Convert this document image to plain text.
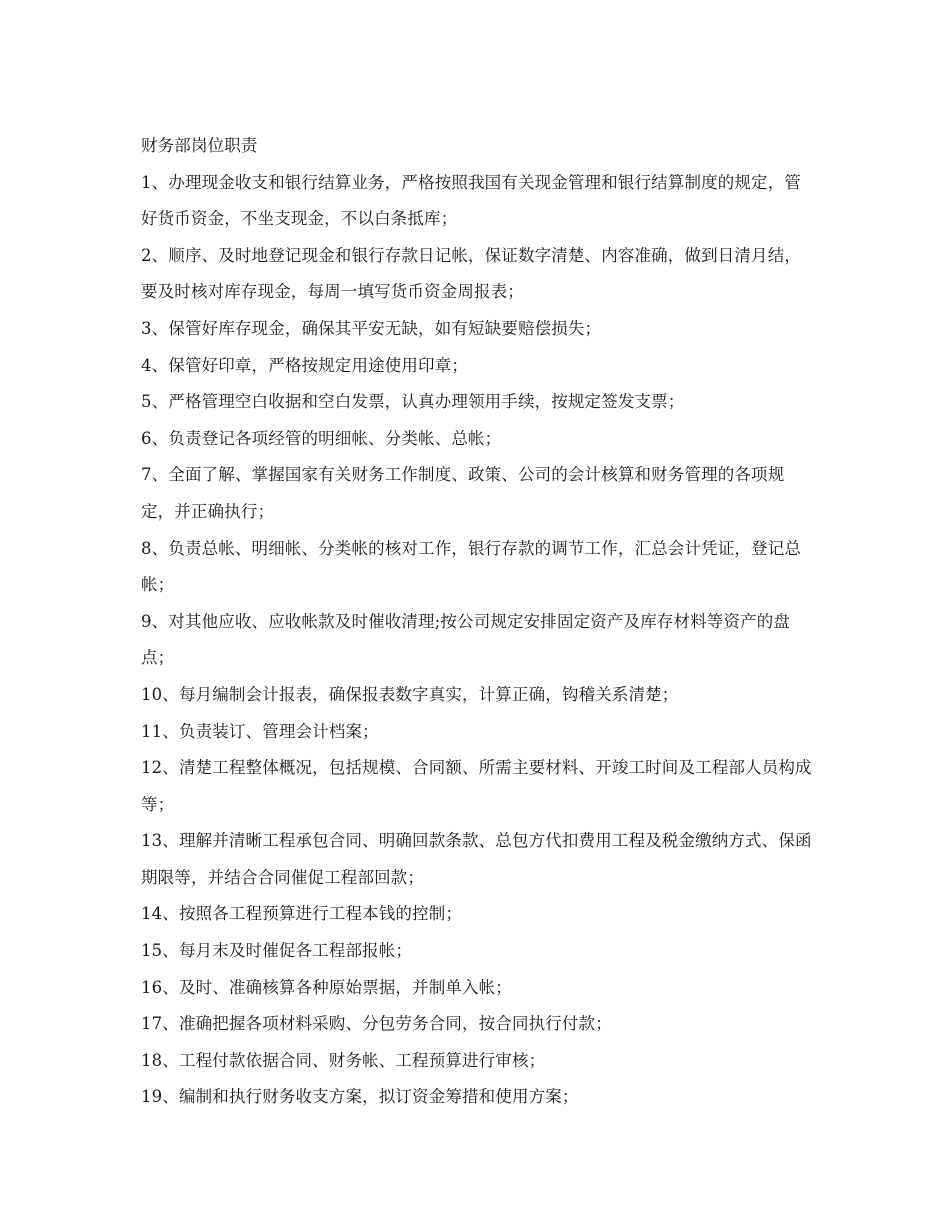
财务部岗位职责
1、办理现金收支和银行结算业务，严格按照我国有关现金管理和银行结算制度的规定，管好货币资金，不坐支现金，不以白条抵库；
2、顺序、及时地登记现金和银行存款日记帐，保证数字清楚、内容准确，做到日清月结，要及时核对库存现金，每周一填写货币资金周报表；
3、保管好库存现金，确保其平安无缺，如有短缺要赔偿损失；
4、保管好印章，严格按规定用途使用印章；
5、严格管理空白收据和空白发票，认真办理领用手续，按规定签发支票；
6、负责登记各项经管的明细帐、分类帐、总帐；
7、全面了解、掌握国家有关财务工作制度、政策、公司的会计核算和财务管理的各项规定，并正确执行；
8、负责总帐、明细帐、分类帐的核对工作，银行存款的调节工作，汇总会计凭证，登记总帐；
9、对其他应收、应收帐款及时催收清理;按公司规定安排固定资产及库存材料等资产的盘点；
10、每月编制会计报表，确保报表数字真实，计算正确，钩稽关系清楚；
11、负责装订、管理会计档案；
12、清楚工程整体概况，包括规模、合同额、所需主要材料、开竣工时间及工程部人员构成等；
13、理解并清晰工程承包合同、明确回款条款、总包方代扣费用工程及税金缴纳方式、保函期限等，并结合合同催促工程部回款；
14、按照各工程预算进行工程本钱的控制；
15、每月末及时催促各工程部报帐；
16、及时、准确核算各种原始票据，并制单入帐；
17、准确把握各项材料采购、分包劳务合同，按合同执行付款；
18、工程付款依据合同、财务帐、工程预算进行审核；
19、编制和执行财务收支方案，拟订资金筹措和使用方案；
